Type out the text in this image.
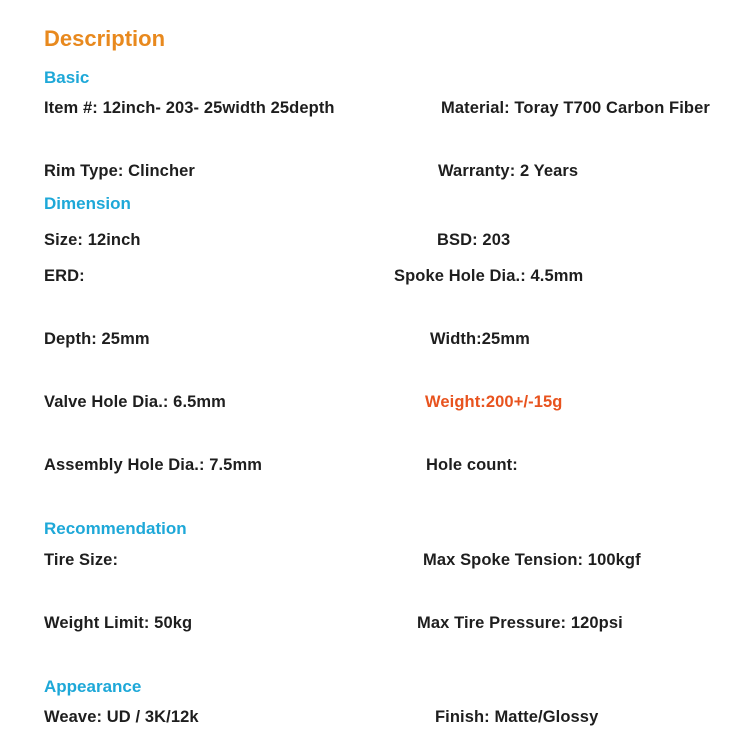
Description
Basic
Item #: 12inch- 203- 25width 25depth	Material: Toray T700 Carbon Fiber
Rim Type: Clincher	Warranty: 2 Years
Dimension
Size: 12inch	BSD: 203
ERD:	Spoke Hole Dia.: 4.5mm
Depth: 25mm	Width:25mm
Valve Hole Dia.: 6.5mm	Weight:200+/-15g
Assembly Hole Dia.: 7.5mm	Hole count:
Recommendation
Tire Size:	Max Spoke Tension: 100kgf
Weight Limit: 50kg	Max Tire Pressure: 120psi
Appearance
Weave: UD / 3K/12k	Finish: Matte/Glossy
